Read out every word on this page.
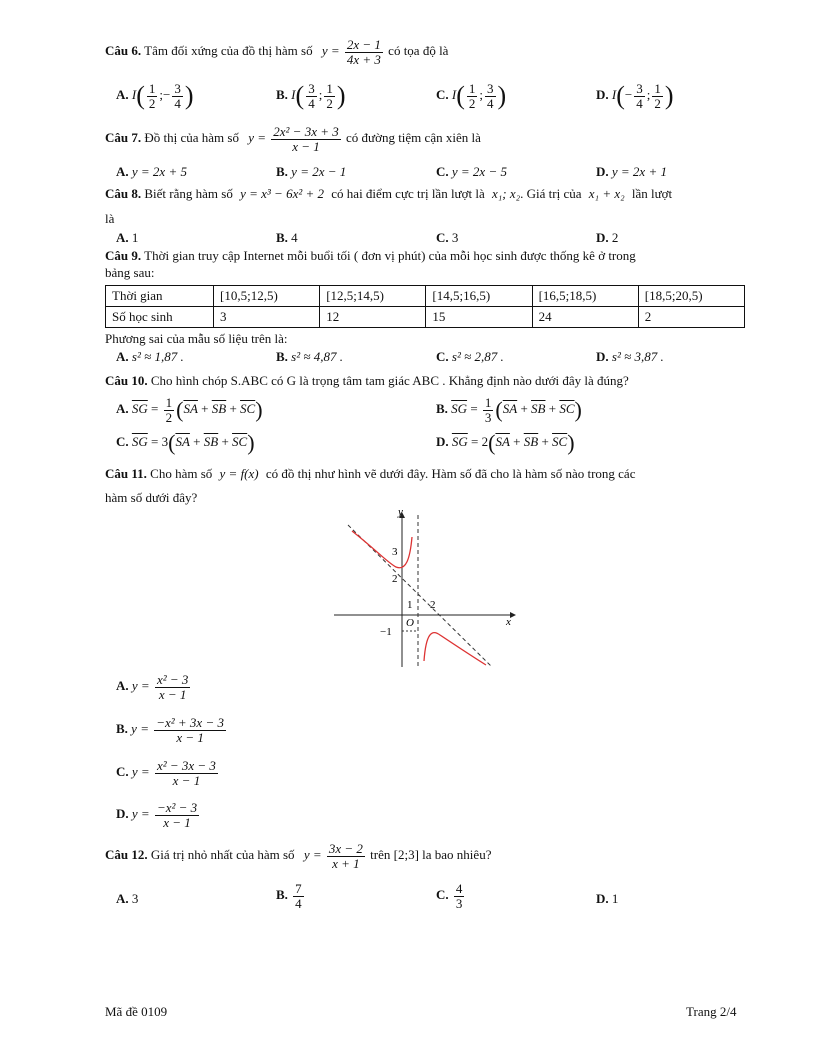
Câu 6. Tâm đối xứng của đồ thị hàm số $y = \frac{2x - 1}{4x + 3}$ có tọa độ là
A. $I( \frac{1}{2}$ ;− $\frac{3}{4}$ )	B. $I( \frac{3}{4}$ ; $\frac{1}{2}$ )	C. $I( \frac{1}{2}$ ; $\frac{3}{4}$ )	D. $I(- \frac{3}{4}$ ; $\frac{1}{2}$ )
Câu 7. Đồ thị của hàm số $y = \frac{\text{2x² − 3x + 3}}{x - 1}$ có đường tiệm cận xiên là
A. y = 2x + 5	B. y = 2x − 1	C. y = 2x − 5	D. y = 2x + 1
Câu 8. Biết rằng hàm số y = x³ − 6x² + 2 có hai điểm cực trị lần lượt là x₁; x₂. Giá trị của x₁ + x₂ lần lượt
là
A. 1	B. 4	C. 3	D. 2
Câu 9. Thời gian truy cập Internet mỗi buổi tối ( đơn vị phút) của mỗi học sinh được thống kê ở trong
bảng sau:
Thời gian	[10,5;12,5)	[12,5;14,5)	[14,5;16,5)	[16,5;18,5)	[18,5;20,5)
Số học sinh	3	12	15	24	2
Phương sai của mẫu số liệu trên là:
A. s² ≈ 1,87 .	B. s² ≈ 4,87 .	C. s² ≈ 2,87 .	D. s² ≈ 3,87 .
Câu 10. Cho hình chóp S.ABC có G là trọng tâm tam giác ABC . Khẳng định nào dưới đây là đúng?
A. $\overline{SG} = \frac{1}{2} (\overline{SA} + \overline{SB} + \overline{SC})$	B. $\overline{SG} = \frac{1}{3} (\overline{SA} + \overline{SB} + \overline{SC})$
C. $\overline{SG} = 3(\overline{SA} + \overline{SB} + \overline{SC})$	D. $\overline{SG} = 2(\overline{SA} + \overline{SB} + \overline{SC})$
Câu 11. Cho hàm số y = f(x) có đồ thị như hình vẽ dưới đây. Hàm số đã cho là hàm số nào trong các
hàm số dưới đây?
y
x
O
3
2
1 2
−1
A. $y = \frac{\text{x² − 3}}{x - 1}$
B. $y = \frac{\text{−x² + 3x − 3}}{x - 1}$
C. $y = \frac{\text{x² − 3x − 3}}{x - 1}$
D. $y = \frac{\text{−x² − 3}}{x - 1}$
Câu 12. Giá trị nhỏ nhất của hàm số $y = \frac{3x - 2}{x + 1}$ trên [2;3] la bao nhiêu?
A. 3	B. $\frac{7}{4}$	C. $\frac{4}{3}$	D. 1
Mã đề 0109	Trang 2/4
